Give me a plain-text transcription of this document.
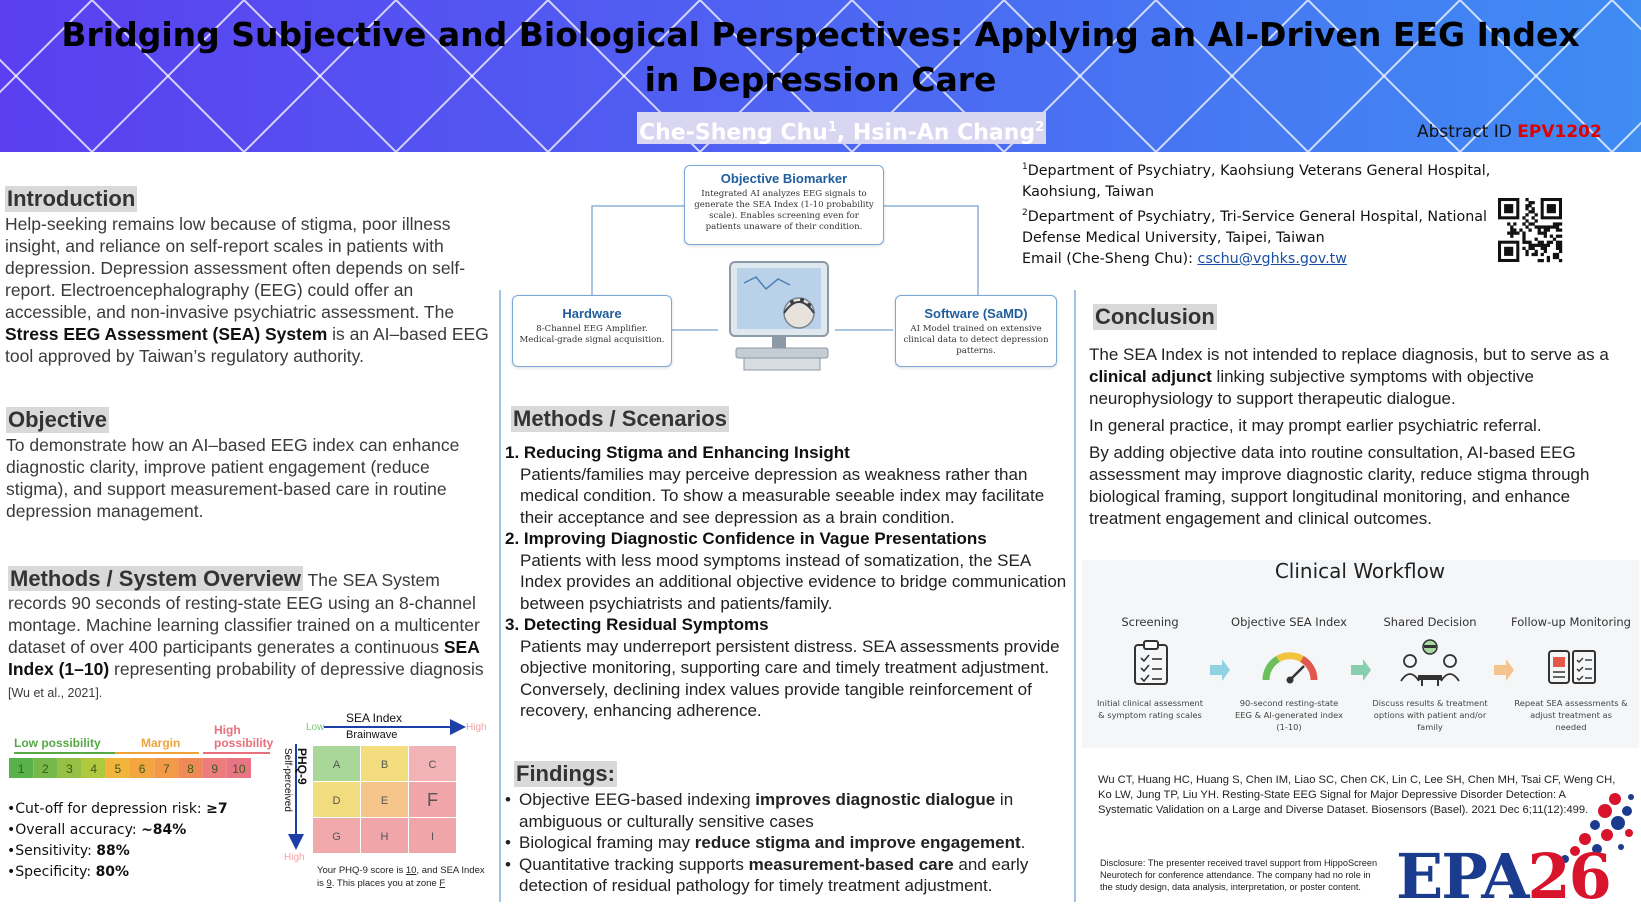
Bridging Subjective and Biological Perspectives: Applying an AI-Driven EEG Index
in Depression Care
Che-Sheng Chu$^1$, Hsin-An Chang$^2$	Abstract ID EPV1202
Introduction
Help-seeking remains low because of stigma, poor illness insight, and reliance on self-report scales in patients with depression. Depression assessment often depends on self-report. Electroencephalography (EEG) could offer an accessible, and non-invasive psychiatric assessment. The Stress EEG Assessment (SEA) System is an AI–based EEG tool approved by Taiwan’s regulatory authority.
Objective
To demonstrate how an AI–based EEG index can enhance diagnostic clarity, improve patient engagement (reduce stigma), and support measurement-based care in routine depression management.
Methods / System Overview The SEA System records 90 seconds of resting-state EEG using an 8-channel montage. Machine learning classifier trained on a multicenter dataset of over 400 participants generates a continuous SEA Index (1–10) representing probability of depressive diagnosis [Wu et al., 2021].
Low possibility	Margin
High
possibility
1 2 3 4 5 6 7 8 9 10
SEA Index
Brainwave
Low	High
PHQ-9
Self-perceived
High
A	B	C
D	E F
G	H	I
Your PHQ-9 score is 10, and SEA Index
is 9. This places you at zone F
•Cut-off for depression risk: ≥7
•Overall accuracy: ~84%
•Sensitivity: 88%
•Specificity: 80%
Objective Biomarker
Integrated AI analyzes EEG signals to generate the SEA Index (1-10 probability scale). Enables screening even for patients unaware of their condition.
Hardware
8-Channel EEG Amplifier. Medical-grade signal acquisition.
Software (SaMD)
AI Model trained on extensive clinical data to detect depression patterns.
Methods / Scenarios
1. Reducing Stigma and Enhancing Insight
Patients/families may perceive depression as weakness rather than medical condition. To show a measurable seeable index may facilitate their acceptance and see depression as a brain condition.
2. Improving Diagnostic Confidence in Vague Presentations
Patients with less mood symptoms instead of somatization, the SEA Index provides an additional objective evidence to bridge communication between psychiatrists and patients/family.
3. Detecting Residual Symptoms
Patients may underreport persistent distress. SEA assessments provide objective monitoring, supporting care and timely treatment adjustment. Conversely, declining index values provide tangible reinforcement of recovery, enhancing adherence.
Findings:
• Objective EEG-based indexing improves diagnostic dialogue in ambiguous or culturally sensitive cases
• Biological framing may reduce stigma and improve engagement.
• Quantitative tracking supports measurement-based care and early detection of residual pathology for timely treatment adjustment.
$^1$Department of Psychiatry, Kaohsiung Veterans General Hospital, Kaohsiung, Taiwan
$^2$Department of Psychiatry, Tri-Service General Hospital, National Defense Medical University, Taipei, Taiwan
Email (Che-Sheng Chu): cschu@vghks.gov.tw
Conclusion
The SEA Index is not intended to replace diagnosis, but to serve as a clinical adjunct linking subjective symptoms with objective neurophysiology to support therapeutic dialogue.
In general practice, it may prompt earlier psychiatric referral.
By adding objective data into routine consultation, AI-based EEG assessment may improve diagnostic clarity, reduce stigma through biological framing, support longitudinal monitoring, and enhance treatment engagement and clinical outcomes.
Clinical Workflow
Screening
Initial clinical assessment & symptom rating scales
Objective SEA Index
90-second resting-state EEG & AI-generated index (1-10)
Shared Decision
Discuss results & treatment options with patient and/or family
Follow-up Monitoring
Repeat SEA assessments & adjust treatment as needed
Wu CT, Huang HC, Huang S, Chen IM, Liao SC, Chen CK, Lin C, Lee SH, Chen MH, Tsai CF, Weng CH, Ko LW, Jung TP, Liu YH. Resting-State EEG Signal for Major Depressive Disorder Detection: A Systematic Validation on a Large and Diverse Dataset. Biosensors (Basel). 2021 Dec 6;11(12):499.
Disclosure: The presenter received travel support from HippoScreen Neurotech for conference attendance. The company had no role in the study design, data analysis, interpretation, or poster content. EPA26
